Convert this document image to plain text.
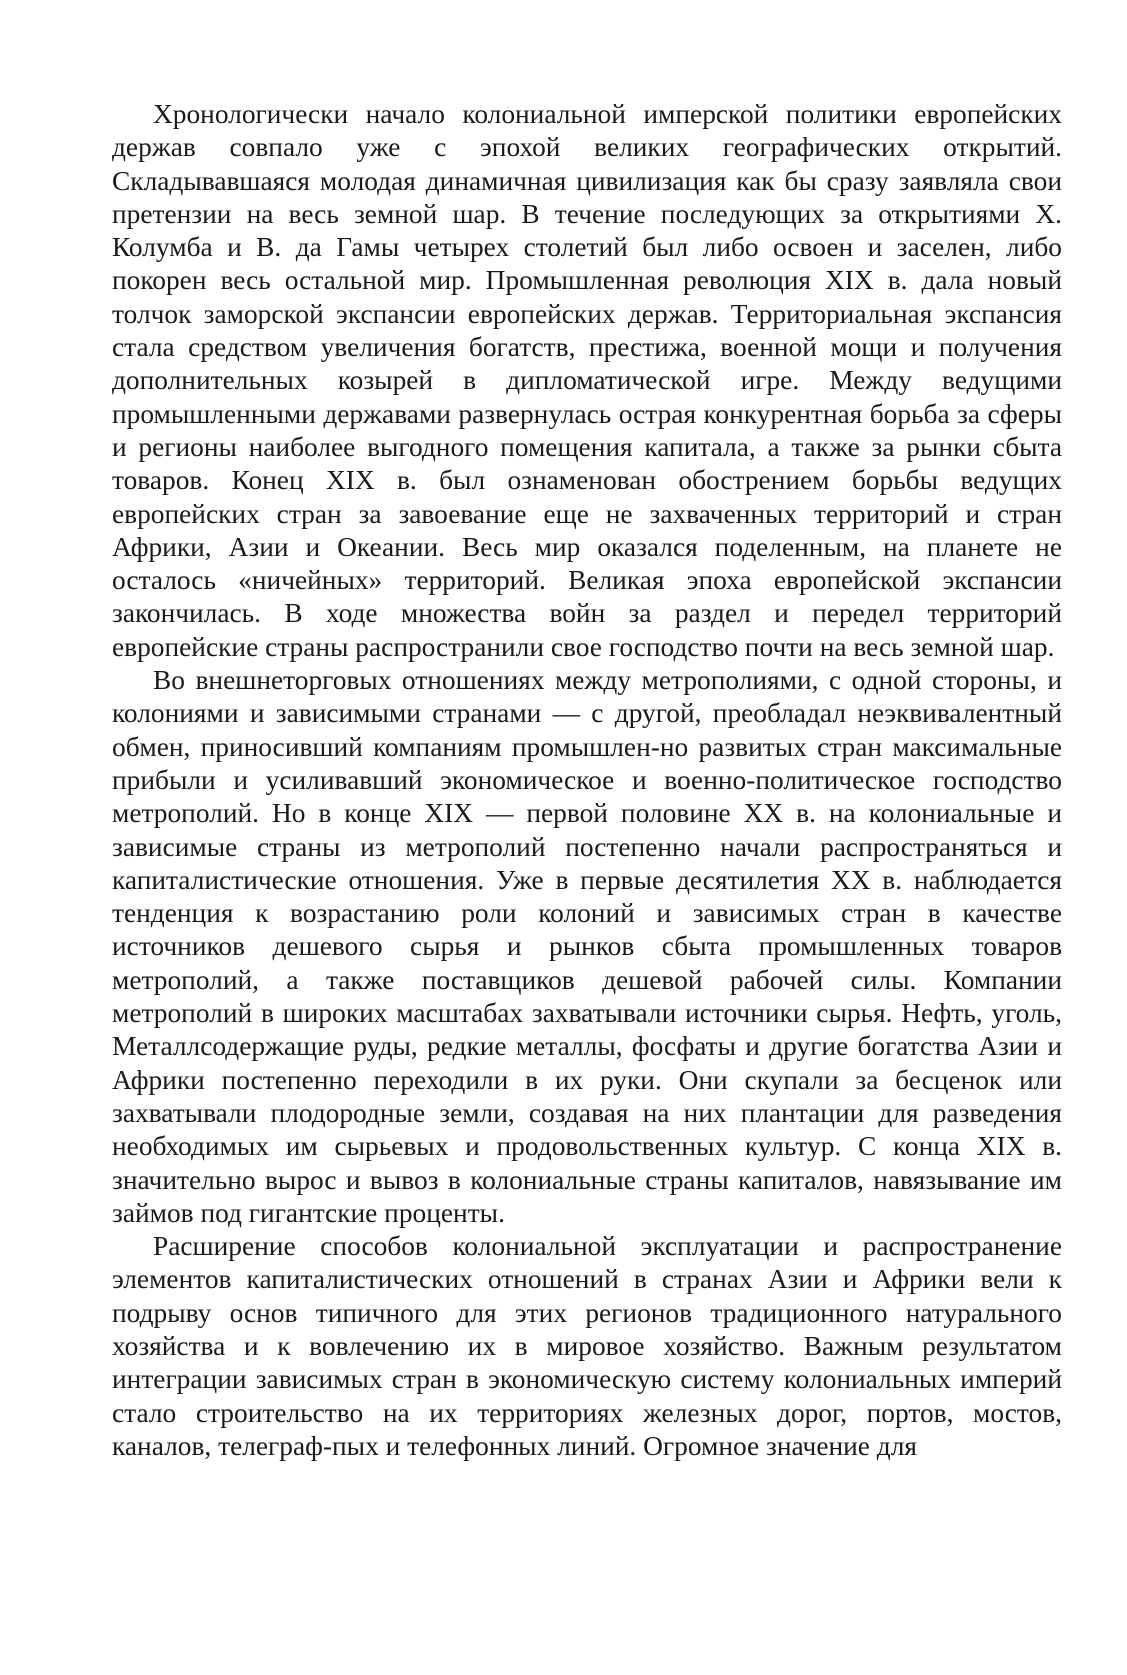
Хронологически начало колониальной имперской политики европейских держав совпало уже с эпохой великих географических открытий. Складывавшаяся молодая динамичная цивилизация как бы сразу заявляла свои претензии на весь земной шар. В течение последующих за открытиями X. Колумба и В. да Гамы четырех столетий был либо освоен и заселен, либо покорен весь остальной мир. Промышленная революция XIX в. дала новый толчок заморской экспансии европейских держав. Территориальная экспансия стала средством увеличения богатств, престижа, военной мощи и получения дополнительных козырей в дипломатической игре. Между ведущими промышленными державами развернулась острая конкурентная борьба за сферы и регионы наиболее выгодного помещения капитала, а также за рынки сбыта товаров. Конец XIX в. был ознаменован обострением борьбы ведущих европейских стран за завоевание еще не захваченных территорий и стран Африки, Азии и Океании. Весь мир оказался поделенным, на планете не осталось «ничейных» территорий. Великая эпоха европейской экспансии закончилась. В ходе множества войн за раздел и передел территорий европейские страны распространили свое господство почти на весь земной шар.

Во внешнеторговых отношениях между метрополиями, с одной стороны, и колониями и зависимыми странами — с другой, преобладал неэквивалентный обмен, приносивший компаниям промышлен-но развитых стран максимальные прибыли и усиливавший экономическое и военно-политическое господство метрополий. Но в конце XIX — первой половине XX в. на колониальные и зависимые страны из метрополий постепенно начали распространяться и капиталистические отношения. Уже в первые десятилетия XX в. наблюдается тенденция к возрастанию роли колоний и зависимых стран в качестве источников дешевого сырья и рынков сбыта промышленных товаров метрополий, а также поставщиков дешевой рабочей силы. Компании метрополий в широких масштабах захватывали источники сырья. Нефть, уголь, Металлсодержащие руды, редкие металлы, фосфаты и другие богатства Азии и Африки постепенно переходили в их руки. Они скупали за бесценок или захватывали плодородные земли, создавая на них плантации для разведения необходимых им сырьевых и продовольственных культур. С конца XIX в. значительно вырос и вывоз в колониальные страны капиталов, навязывание им займов под гигантские проценты.

Расширение способов колониальной эксплуатации и распространение элементов капиталистических отношений в странах Азии и Африки вели к подрыву основ типичного для этих регионов традиционного натурального хозяйства и к вовлечению их в мировое хозяйство. Важным результатом интеграции зависимых стран в экономическую систему колониальных империй стало строительство на их территориях железных дорог, портов, мостов, каналов, телеграф-пых и телефонных линий. Огромное значение для
